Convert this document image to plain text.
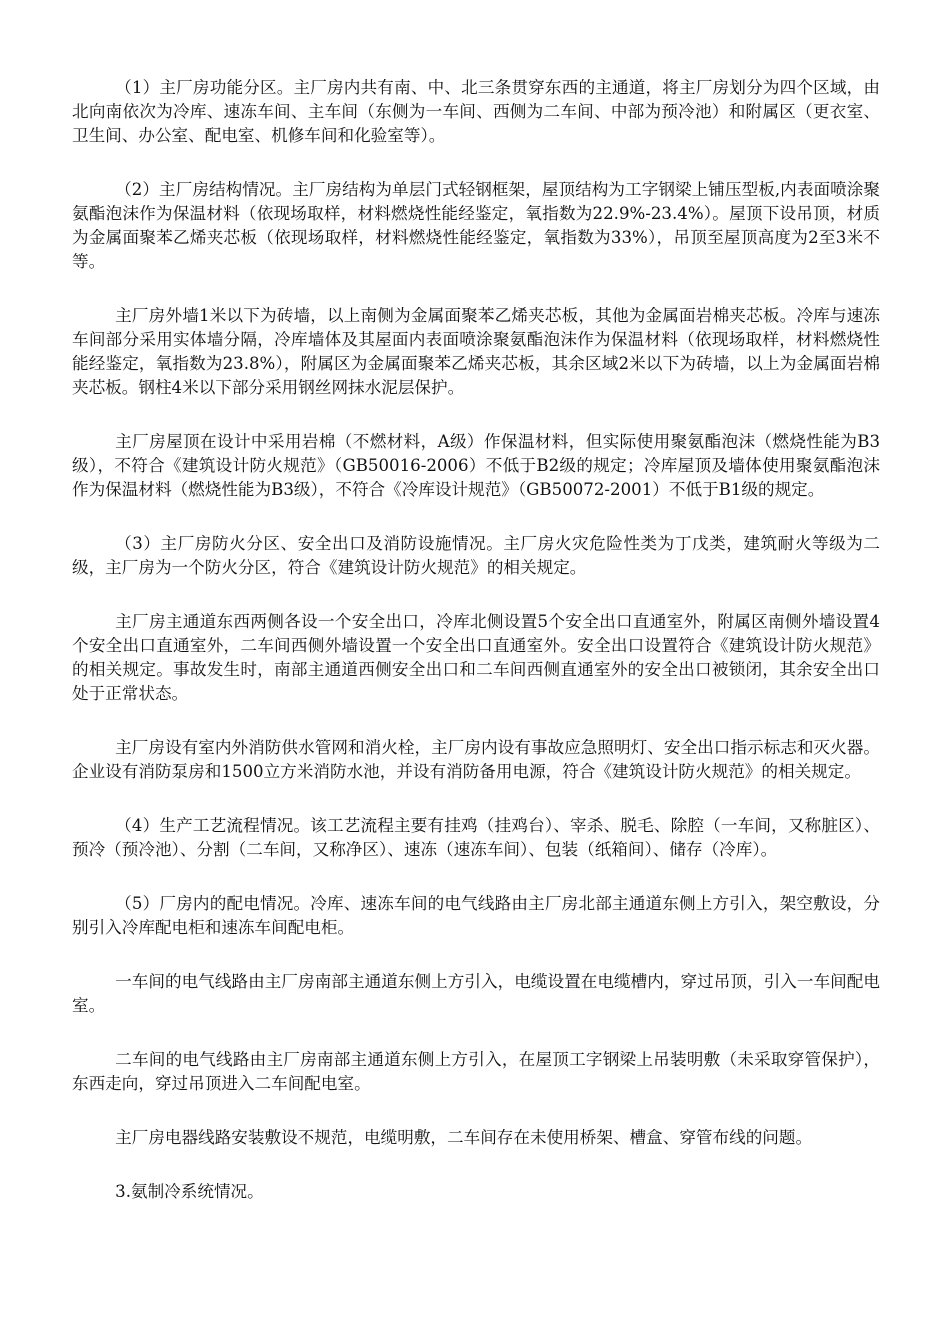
（1）主厂房功能分区。主厂房内共有南、中、北三条贯穿东西的主通道，将主厂房划分为四个区域，由北向南依次为冷库、速冻车间、主车间（东侧为一车间、西侧为二车间、中部为预冷池）和附属区（更衣室、卫生间、办公室、配电室、机修车间和化验室等）。

（2）主厂房结构情况。主厂房结构为单层门式轻钢框架，屋顶结构为工字钢梁上铺压型板,内表面喷涂聚氨酯泡沫作为保温材料（依现场取样，材料燃烧性能经鉴定，氧指数为22.9%-23.4%）。屋顶下设吊顶，材质为金属面聚苯乙烯夹芯板（依现场取样，材料燃烧性能经鉴定，氧指数为33%），吊顶至屋顶高度为2至3米不等。

主厂房外墙1米以下为砖墙，以上南侧为金属面聚苯乙烯夹芯板，其他为金属面岩棉夹芯板。冷库与速冻车间部分采用实体墙分隔，冷库墙体及其屋面内表面喷涂聚氨酯泡沫作为保温材料（依现场取样，材料燃烧性能经鉴定，氧指数为23.8%），附属区为金属面聚苯乙烯夹芯板，其余区域2米以下为砖墙，以上为金属面岩棉夹芯板。钢柱4米以下部分采用钢丝网抹水泥层保护。

主厂房屋顶在设计中采用岩棉（不燃材料，A级）作保温材料，但实际使用聚氨酯泡沫（燃烧性能为B3级），不符合《建筑设计防火规范》（GB50016-2006）不低于B2级的规定；冷库屋顶及墙体使用聚氨酯泡沫作为保温材料（燃烧性能为B3级），不符合《冷库设计规范》（GB50072-2001）不低于B1级的规定。

（3）主厂房防火分区、安全出口及消防设施情况。主厂房火灾危险性类为丁戊类，建筑耐火等级为二级，主厂房为一个防火分区，符合《建筑设计防火规范》的相关规定。

主厂房主通道东西两侧各设一个安全出口，冷库北侧设置5个安全出口直通室外，附属区南侧外墙设置4个安全出口直通室外，二车间西侧外墙设置一个安全出口直通室外。安全出口设置符合《建筑设计防火规范》的相关规定。事故发生时，南部主通道西侧安全出口和二车间西侧直通室外的安全出口被锁闭，其余安全出口处于正常状态。

主厂房设有室内外消防供水管网和消火栓，主厂房内设有事故应急照明灯、安全出口指示标志和灭火器。企业设有消防泵房和1500立方米消防水池，并设有消防备用电源，符合《建筑设计防火规范》的相关规定。

（4）生产工艺流程情况。该工艺流程主要有挂鸡（挂鸡台）、宰杀、脱毛、除腔（一车间，又称脏区）、预冷（预冷池）、分割（二车间，又称净区）、速冻（速冻车间）、包装（纸箱间）、储存（冷库）。

（5）厂房内的配电情况。冷库、速冻车间的电气线路由主厂房北部主通道东侧上方引入，架空敷设，分别引入冷库配电柜和速冻车间配电柜。

一车间的电气线路由主厂房南部主通道东侧上方引入，电缆设置在电缆槽内，穿过吊顶，引入一车间配电室。

二车间的电气线路由主厂房南部主通道东侧上方引入，在屋顶工字钢梁上吊装明敷（未采取穿管保护），东西走向，穿过吊顶进入二车间配电室。

主厂房电器线路安装敷设不规范，电缆明敷，二车间存在未使用桥架、槽盒、穿管布线的问题。

3.氨制冷系统情况。
